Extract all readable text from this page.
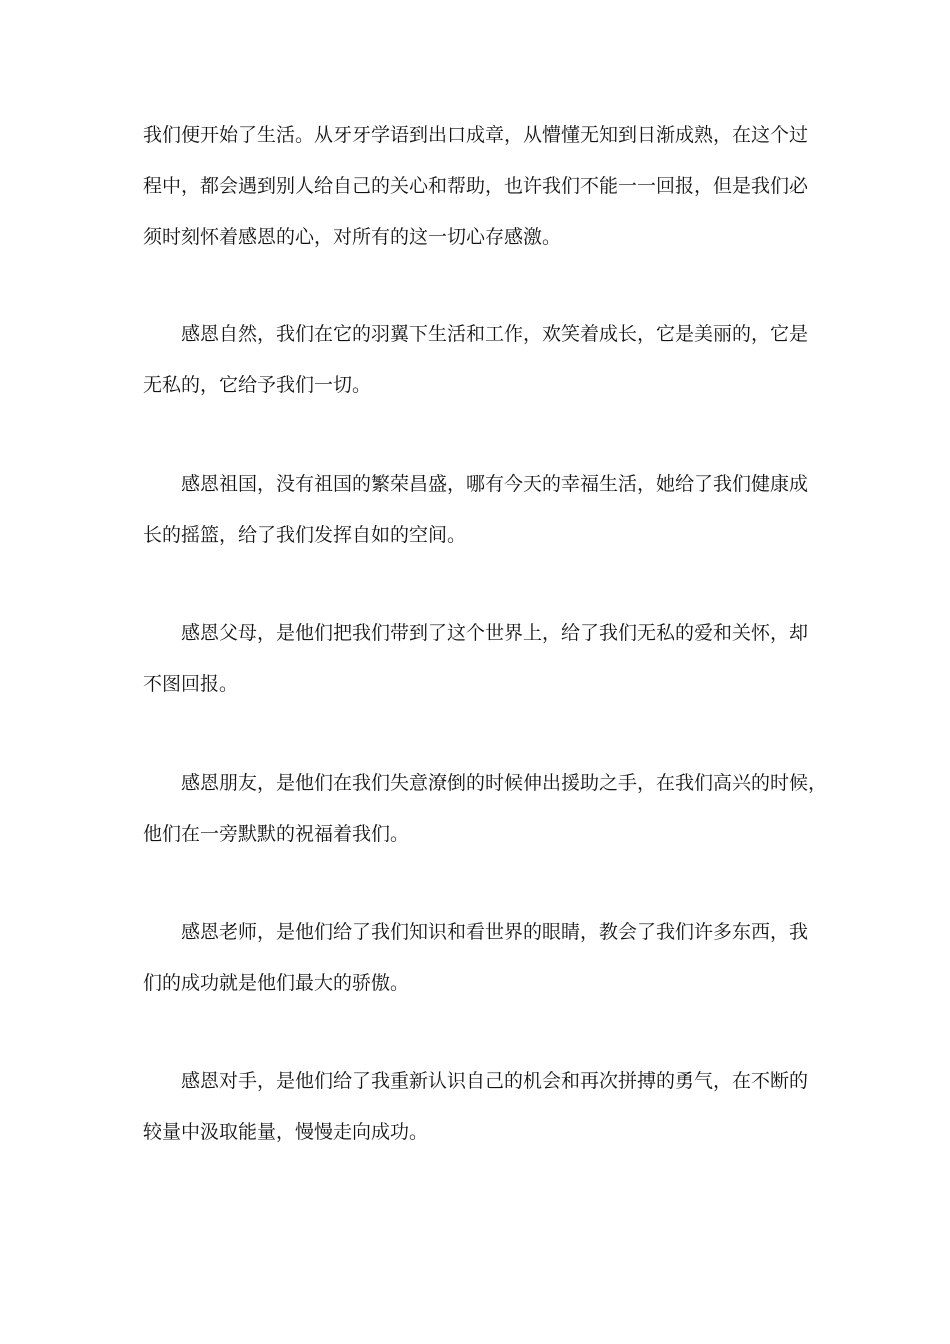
我们便开始了生活。从牙牙学语到出口成章，从懵懂无知到日渐成熟，在这个过
程中，都会遇到别人给自己的关心和帮助，也许我们不能一一回报，但是我们必
须时刻怀着感恩的心，对所有的这一切心存感激。
感恩自然，我们在它的羽翼下生活和工作，欢笑着成长，它是美丽的，它是
无私的，它给予我们一切。
感恩祖国，没有祖国的繁荣昌盛，哪有今天的幸福生活，她给了我们健康成
长的摇篮，给了我们发挥自如的空间。
感恩父母，是他们把我们带到了这个世界上，给了我们无私的爱和关怀，却
不图回报。
感恩朋友，是他们在我们失意潦倒的时候伸出援助之手，在我们高兴的时候，
他们在一旁默默的祝福着我们。
感恩老师，是他们给了我们知识和看世界的眼睛，教会了我们许多东西，我
们的成功就是他们最大的骄傲。
感恩对手，是他们给了我重新认识自己的机会和再次拼搏的勇气，在不断的
较量中汲取能量，慢慢走向成功。
